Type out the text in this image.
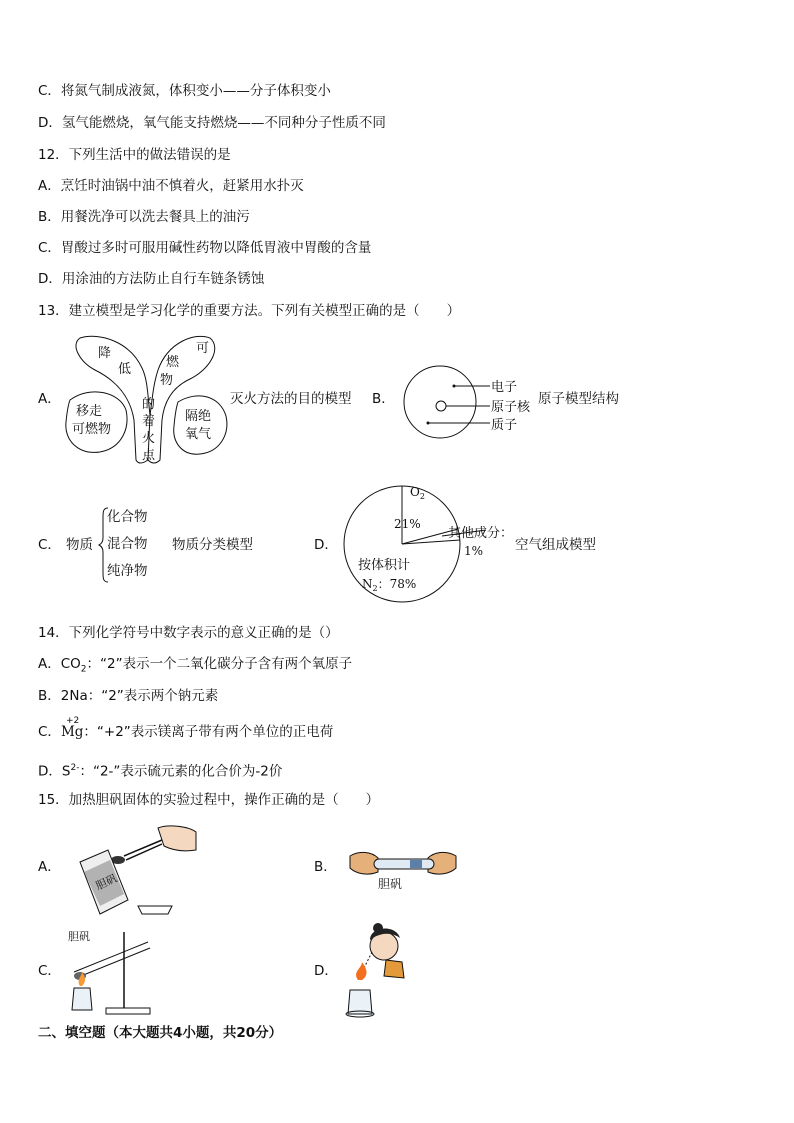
C．将氮气制成液氮，体积变小——分子体积变小
D．氢气能燃烧，氧气能支持燃烧——不同种分子性质不同
12．下列生活中的做法错误的是
A．烹饪时油锅中油不慎着火，赶紧用水扑灭
B．用餐洗净可以洗去餐具上的油污
C．胃酸过多时可服用碱性药物以降低胃液中胃酸的含量
D．用涂油的方法防止自行车链条锈蚀
13．建立模型是学习化学的重要方法。下列有关模型正确的是（　　）
A．
降
低
可
燃
物
的
着
火
点
移走
可燃物
隔绝
氧气
灭火方法的目的模型 B．
电子
原子核
质子
原子模型结构
C． 物质
化合物
混合物
纯净物
物质分类模型	D．
$O_2$
21%
其他成分：
1%
按体积计
$N_2$：78%
空气组成模型
14．下列化学符号中数字表示的意义正确的是（）
A．$CO_2$：“2”表示一个二氧化碳分子含有两个氧原子
B．2Na：“2”表示两个钠元素
C．
+2
Mg：“+2”表示镁离子带有两个单位的正电荷
D．$S^{2-}$：“2-”表示硫元素的化合价为-2价
15．加热胆矾固体的实验过程中，操作正确的是（　　）
A．
胆矾
B．
胆矾
C．
胆矾
D．
二、填空题（本大题共4小题，共20分）
